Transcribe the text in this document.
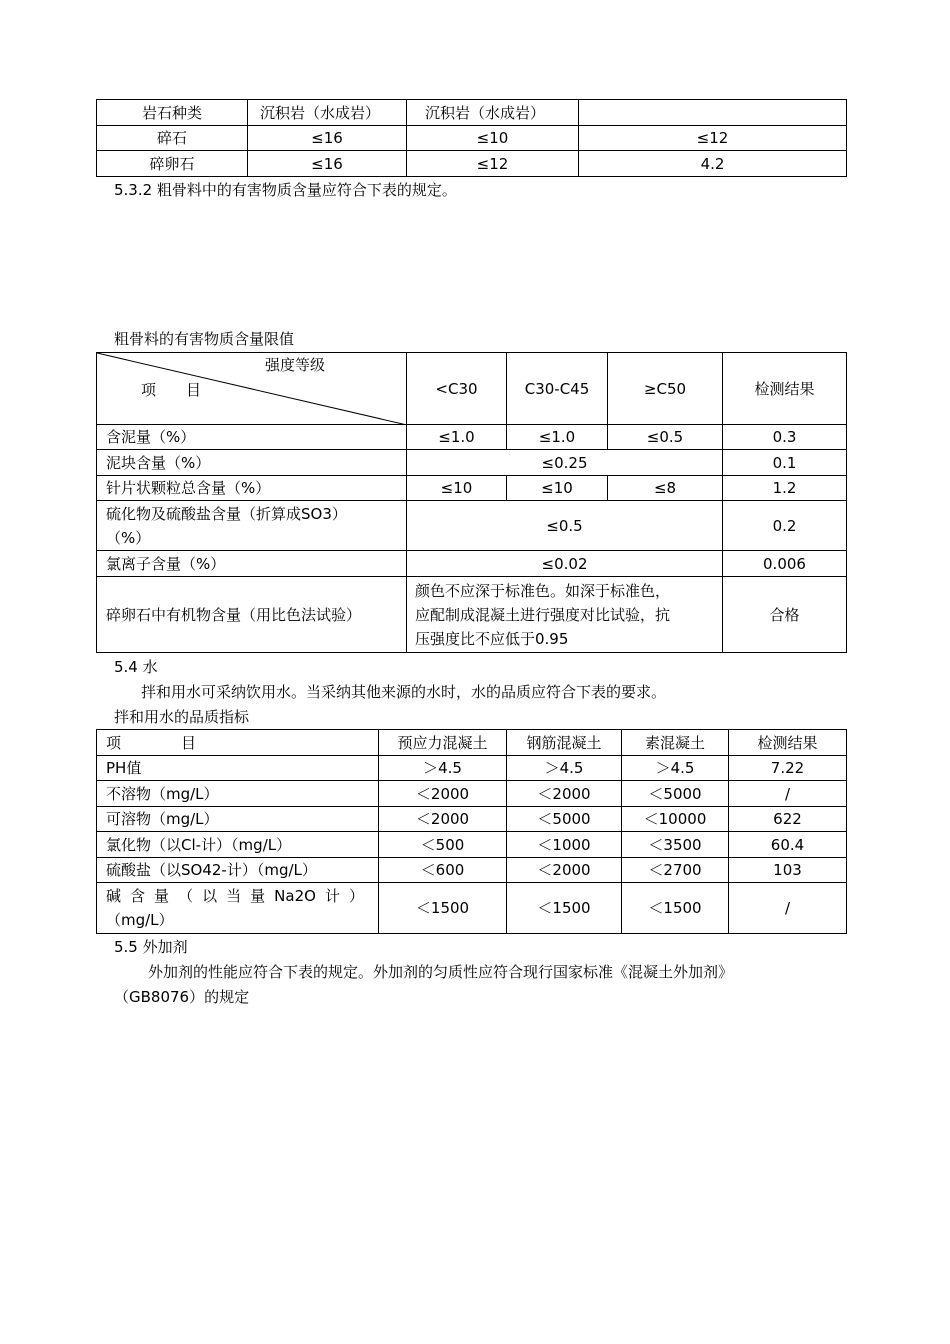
岩石种类	沉积岩（水成岩）	沉积岩（水成岩）	
碎石	≤16	≤10	≤12
碎卵石	≤16	≤12	4.2
5.3.2 粗骨料中的有害物质含量应符合下表的规定。
粗骨料的有害物质含量限值
强度等级
项　　目	<C30	C30-C45	≥C50	检测结果
含泥量（%）	≤1.0	≤1.0	≤0.5	0.3
泥块含量（%）	≤0.25			0.1
针片状颗粒总含量（%）	≤10	≤10	≤8	1.2

硫化物及硫酸盐含量（折算成SO3）
（%）	≤0.5			0.2
氯离子含量（%）	≤0.02			0.006
碎卵石中有机物含量（用比色法试验）	颜色不应深于标准色。如深于标准色，
应配制成混凝土进行强度对比试验，抗
压强度比不应低于0.95			合格
5.4 水
拌和用水可采纳饮用水。当采纳其他来源的水时，水的品质应符合下表的要求。
拌和用水的品质指标
项　　　　目	预应力混凝土	钢筋混凝土	素混凝土	检测结果
PH值	＞4.5	＞4.5	＞4.5	7.22
不溶物（mg/L）	＜2000	＜2000	＜5000	/
可溶物（mg/L）	＜2000	＜5000	＜10000	622
氯化物（以Cl-计）（mg/L）	＜500	＜1000	＜3500	60.4
硫酸盐（以SO42-计）（mg/L）	＜600	＜2000	＜2700	103

碱含量（以当量Na2O计）
（mg/L）	＜1500	＜1500	＜1500	/
5.5 外加剂
外加剂的性能应符合下表的规定。外加剂的匀质性应符合现行国家标准《混凝土外加剂》
（GB8076）的规定
